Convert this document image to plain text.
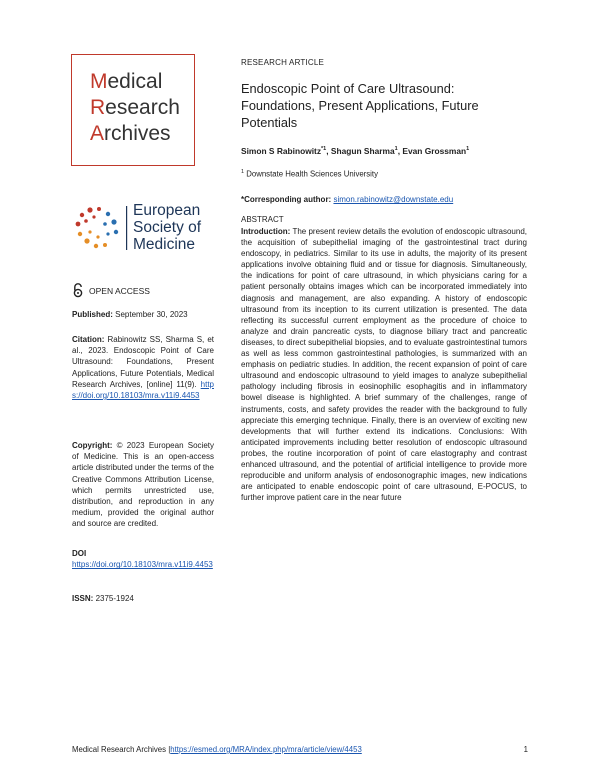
Medical
Research
Archives
European
Society of
Medicine
OPEN ACCESS
Published: September 30, 2023
Citation: Rabinowitz SS, Sharma S, et al., 2023. Endoscopic Point of Care Ultrasound: Foundations, Present Applications, Future Potentials, Medical Research Archives, [online] 11(9). https://doi.org/10.18103/mra.v11i9.4453
Copyright: © 2023 European Society of Medicine. This is an open-access article distributed under the terms of the Creative Commons Attribution License, which permits unrestricted use, distribution, and reproduction in any medium, provided the original author and source are credited.
DOI
https://doi.org/10.18103/mra.v11i9.4453
ISSN: 2375-1924
RESEARCH ARTICLE
Endoscopic Point of Care Ultrasound: Foundations, Present Applications, Future Potentials
Simon S Rabinowitz$^{*1}$, Shagun Sharma$^1$, Evan Grossman$^1$
$^1$ Downstate Health Sciences University
*Corresponding author: simon.rabinowitz@downstate.edu
ABSTRACT
Introduction: The present review details the evolution of endoscopic ultrasound, the acquisition of subepithelial imaging of the gastrointestinal tract during endoscopy, in pediatrics. Similar to its use in adults, the majority of its present applications involve obtaining fluid and or tissue for diagnosis. Simultaneously, the indications for point of care ultrasound, in which physicians caring for a patient personally obtains images which can be incorporated immediately into diagnosis and management, are also expanding. A history of endoscopic ultrasound from its inception to its current utilization is presented. The data reflecting its successful current employment as the procedure of choice to analyze and drain pancreatic cysts, to diagnose biliary tract and pancreatic diseases, to direct subepithelial biopsies, and to evaluate gastrointestinal tumors as well as less common gastrointestinal pathologies, is summarized with an emphasis on pediatric studies. In addition, the recent expansion of point of care ultrasound and endoscopic ultrasound to yield images to analyze subepithelial pathology including fibrosis in eosinophilic esophagitis and in inflammatory bowel disease is highlighted. A brief summary of the challenges, range of instruments, costs, and safety provides the reader with the background to fully appreciate this emerging technique. Finally, there is an overview of exciting new developments that will further extend its indications. Conclusions: With anticipated improvements including better resolution of endoscopic ultrasound probes, the routine incorporation of point of care elastography and contrast enhanced ultrasound, and the potential of artificial intelligence to provide more reproducible and uniform analysis of endosonographic images, new indications are anticipated to enable endoscopic point of care ultrasound, E-POCUS, to further improve patient care in the near future
Medical Research Archives |https://esmed.org/MRA/index.php/mra/article/view/4453	1
